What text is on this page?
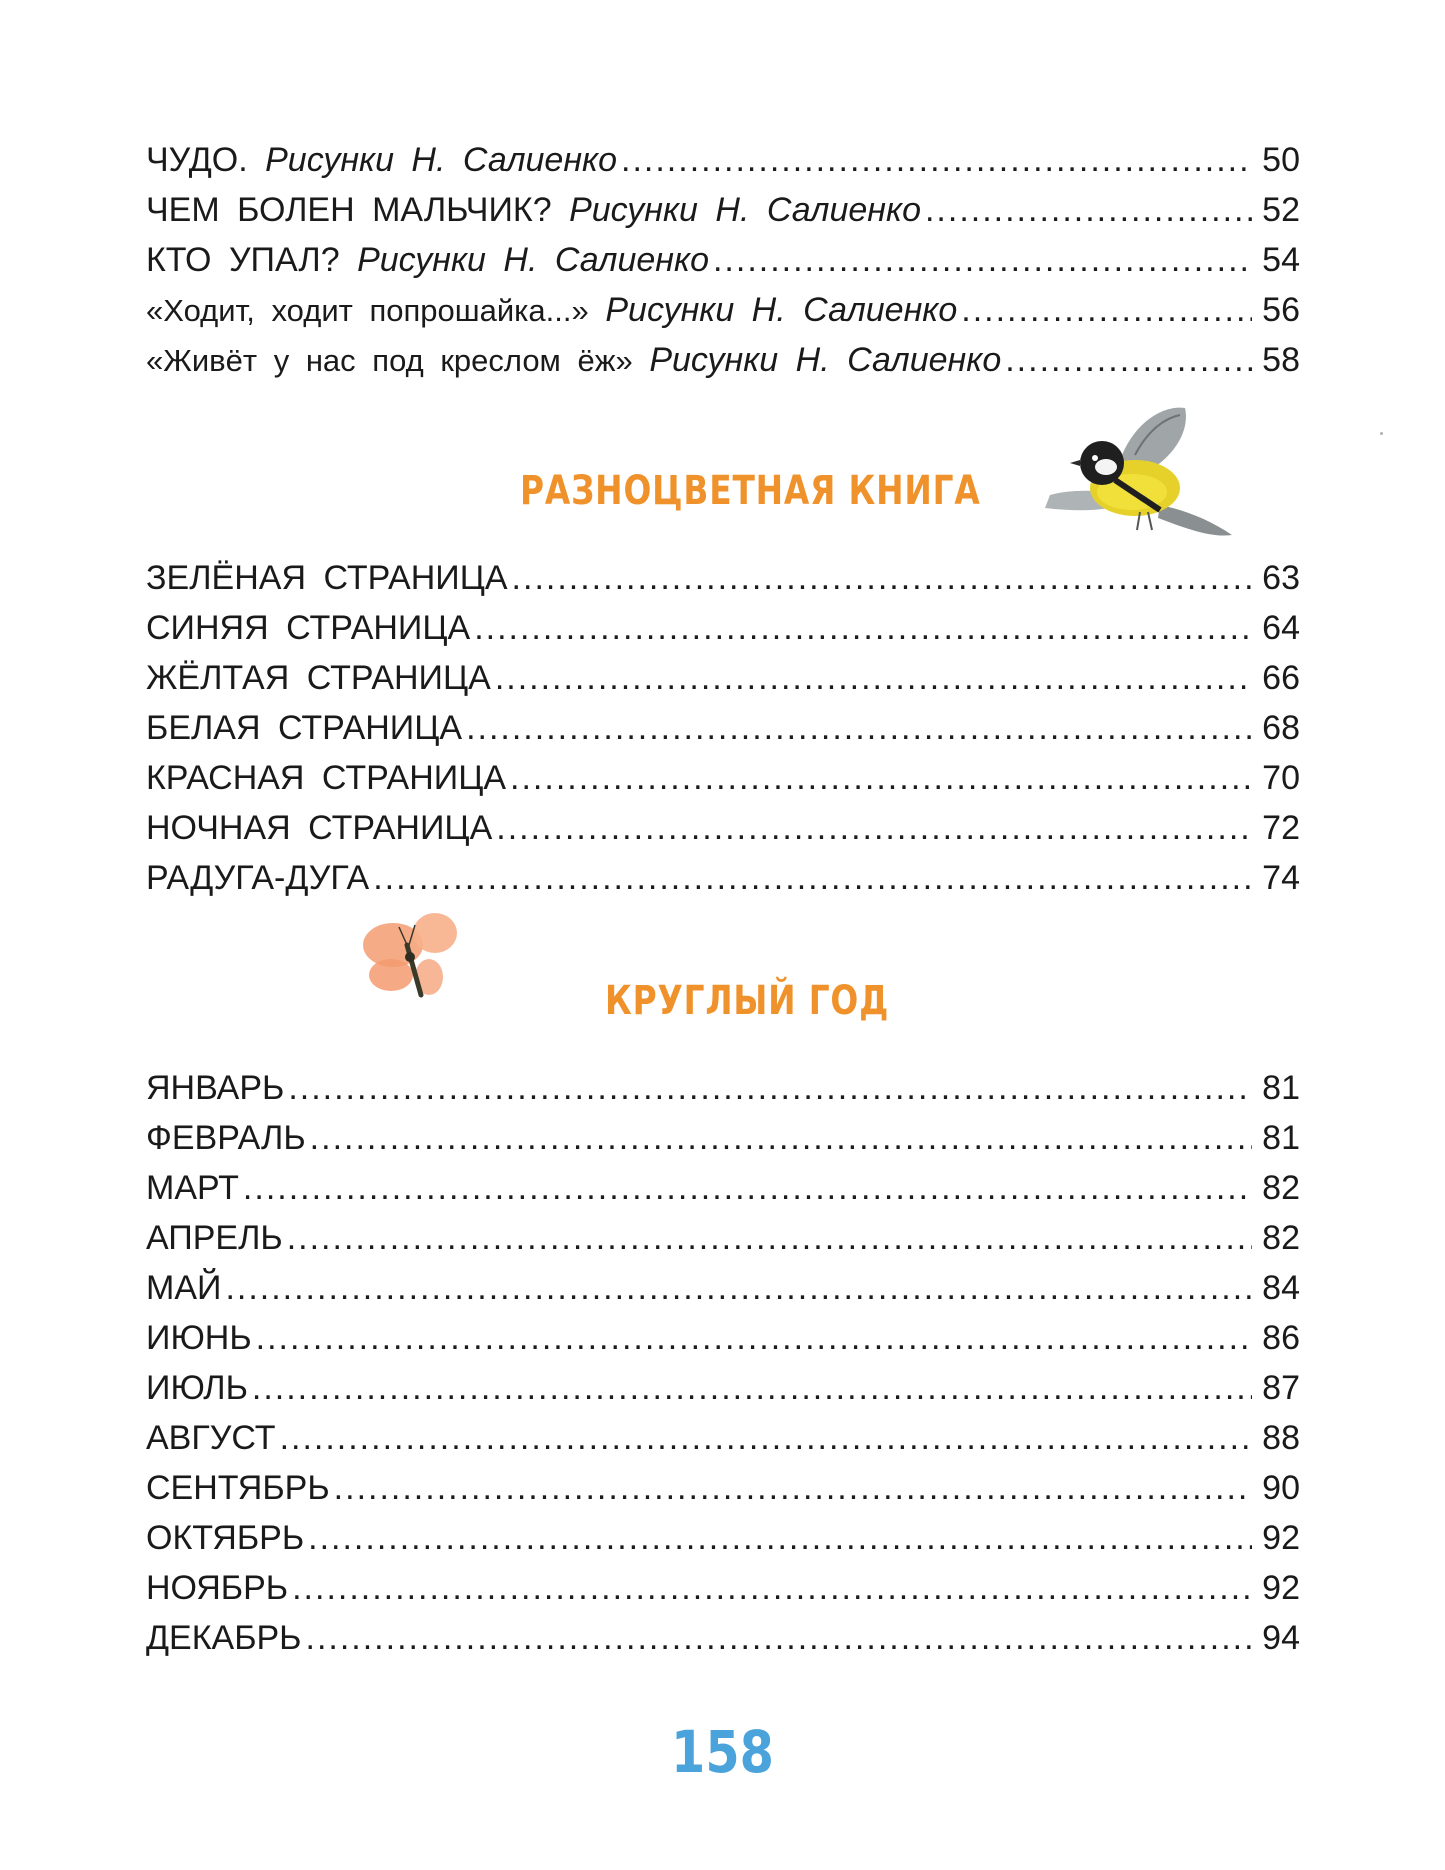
ЧУДО. Рисунки Н. Салиенко .....	50
ЧЕМ БОЛЕН МАЛЬЧИК? Рисунки Н. Салиенко .....	52
КТО УПАЛ? Рисунки Н. Салиенко .....	54
«Ходит, ходит попрошайка...» Рисунки Н. Салиенко .....	56
«Живёт у нас под креслом ёж» Рисунки Н. Салиенко .....	58
РАЗНОЦВЕТНАЯ КНИГА
ЗЕЛЁНАЯ СТРАНИЦА .....	63
СИНЯЯ СТРАНИЦА .....	64
ЖЁЛТАЯ СТРАНИЦА .....	66
БЕЛАЯ СТРАНИЦА .....	68
КРАСНАЯ СТРАНИЦА .....	70
НОЧНАЯ СТРАНИЦА .....	72
РАДУГА-ДУГА .....	74
КРУГЛЫЙ ГОД
ЯНВАРЬ .....	81
ФЕВРАЛЬ .....	81
МАРТ .....	82
АПРЕЛЬ .....	82
МАЙ .....	84
ИЮНЬ .....	86
ИЮЛЬ .....	87
АВГУСТ .....	88
СЕНТЯБРЬ .....	90
ОКТЯБРЬ .....	92
НОЯБРЬ .....	92
ДЕКАБРЬ .....	94
158
